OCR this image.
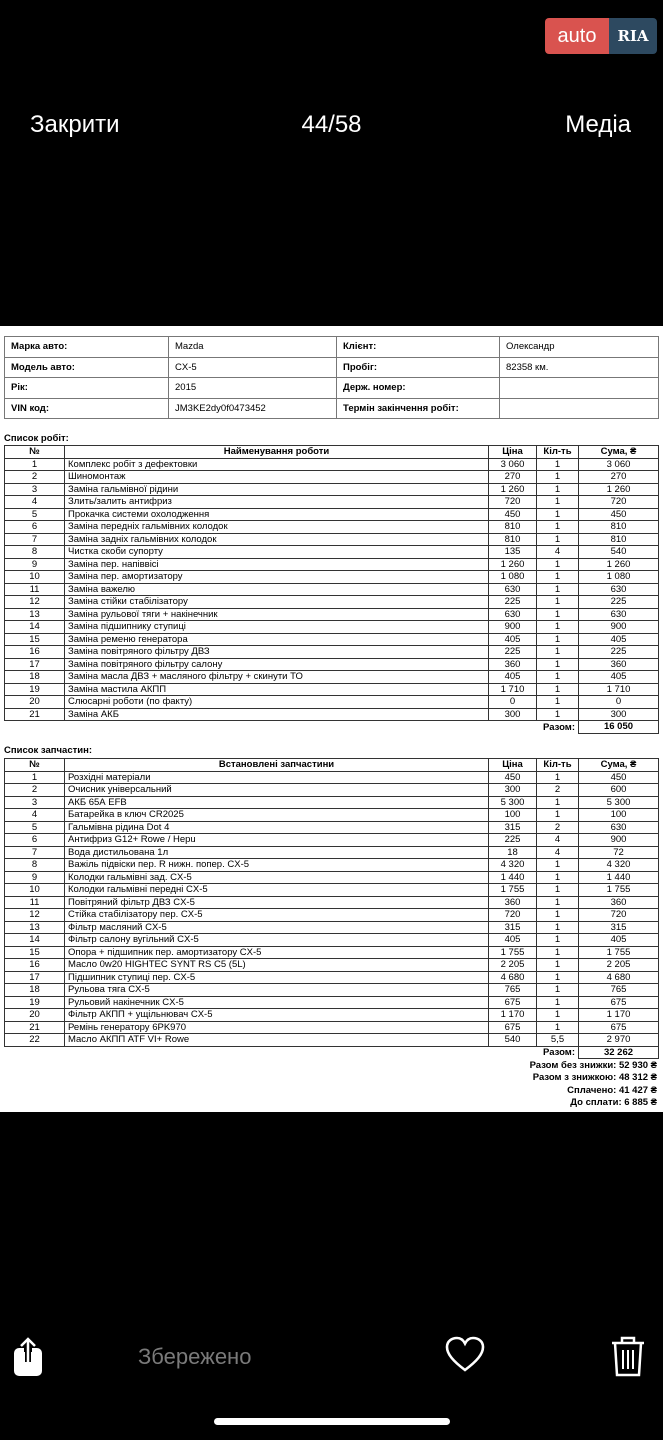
auto	RIA
Закрити	44/58	Медіа
Марка авто:	Mazda	Клієнт:	Олександр
Модель авто:	CX-5	Пробіг:	82358 км.
Рік:	2015	Держ. номер:	
VIN код:	JM3KE2dy0f0473452	Термін закінчення робіт:	
Список робіт:
№	Найменування роботи	Ціна	Кіл-ть	Сума, ₴
1	Комплекс робіт з дефектовки	3 060	1	3 060
2	Шиномонтаж	270	1	270
3	Заміна гальмівної рідини	1 260	1	1 260
4	Злить/залить антифриз	720	1	720
5	Прокачка системи охолодження	450	1	450
6	Заміна передніх гальмівних колодок	810	1	810
7	Заміна задніх гальмівних колодок	810	1	810
8	Чистка скоби супорту	135	4	540
9	Заміна пер. напіввісі	1 260	1	1 260
10	Заміна пер. амортизатору	1 080	1	1 080
11	Заміна важелю	630	1	630
12	Заміна стійки стабілізатору	225	1	225
13	Заміна рульової тяги + накінечник	630	1	630
14	Заміна підшипнику ступиці	900	1	900
15	Заміна ременю генератора	405	1	405
16	Заміна повітряного фільтру ДВЗ	225	1	225
17	Заміна повітряного фільтру салону	360	1	360
18	Заміна масла ДВЗ + масляного фільтру + скинути ТО	405	1	405
19	Заміна мастила АКПП	1 710	1	1 710
20	Слюсарні роботи (по факту)	0	1	0
21	Заміна АКБ	300	1	300
		Разом:		16 050
Список запчастин:
№	Встановлені запчастини	Ціна	Кіл-ть	Сума, ₴
1	Розхідні матеріали	450	1	450
2	Очисник універсальний	300	2	600
3	АКБ 65А EFB	5 300	1	5 300
4	Батарейка в ключ CR2025	100	1	100
5	Гальмівна рідина Dot 4	315	2	630
6	Антифриз G12+ Rowe / Hepu	225	4	900
7	Вода дистильована 1л	18	4	72
8	Важіль підвіски пер. R нижн. попер. CX-5	4 320	1	4 320
9	Колодки гальмівні зад. CX-5	1 440	1	1 440
10	Колодки гальмівні передні CX-5	1 755	1	1 755
11	Повітряний фільтр ДВЗ CX-5	360	1	360
12	Стійка стабілізатору пер. CX-5	720	1	720
13	Фільтр масляний CX-5	315	1	315
14	Фільтр салону вугільний CX-5	405	1	405
15	Опора + підшипник пер. амортизатору CX-5	1 755	1	1 755
16	Масло 0w20 HIGHTEC SYNT RS C5 (5L)	2 205	1	2 205
17	Підшипник ступиці пер. CX-5	4 680	1	4 680
18	Рульова тяга CX-5	765	1	765
19	Рульовий накінечник CX-5	675	1	675
20	Фільтр АКПП + ущільнювач CX-5	1 170	1	1 170
21	Ремінь генератору 6PK970	675	1	675
22	Масло АКПП ATF VI+ Rowe	540	5,5	2 970
		Разом:		32 262
Разом без знижки: 52 930 ₴
Разом з знижкою: 48 312 ₴
Сплачено: 41 427 ₴
До сплати: 6 885 ₴
Збережено
